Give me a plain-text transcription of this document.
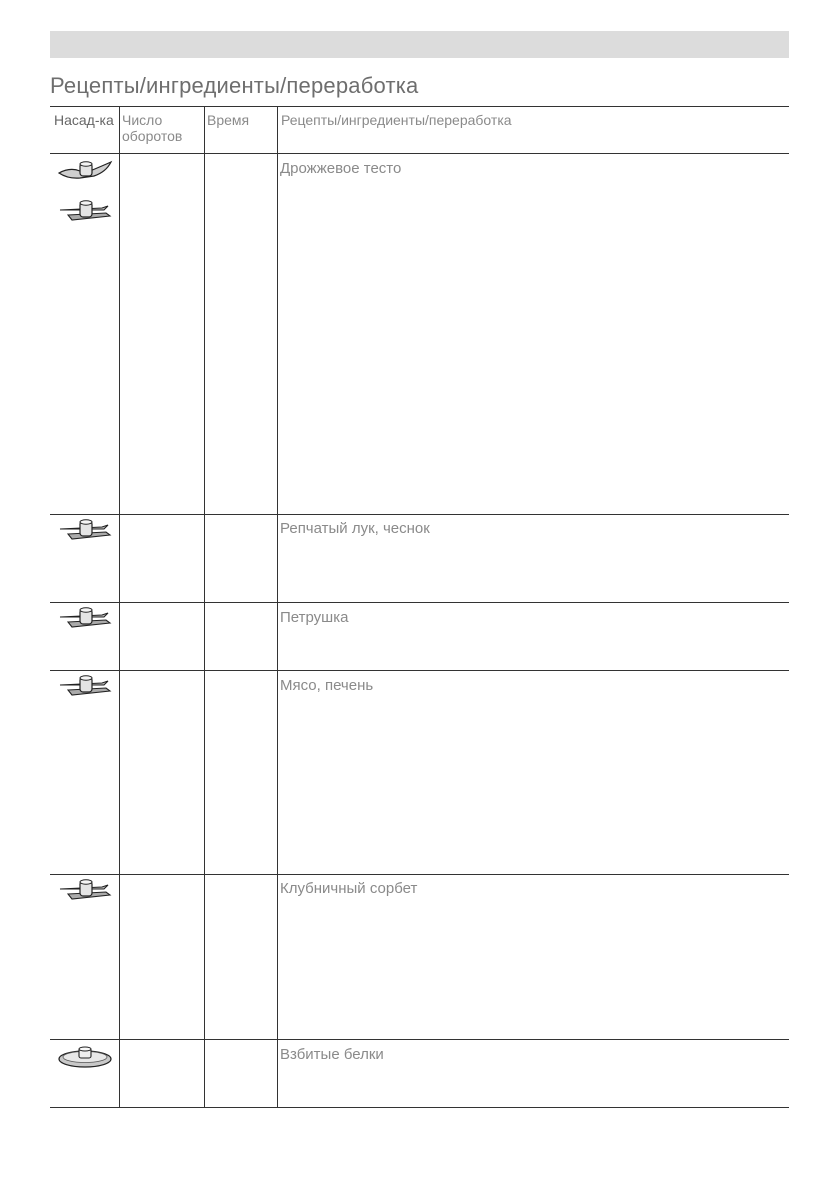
Рецепты/ингредиенты/переработка
Насад-ка Число оборотов
Время	Рецепты/ингредиенты/переработка
Дрожжевое тесто
Репчатый лук, чеснок
Петрушка
Мясо, печень
Клубничный сорбет
Взбитые белки
